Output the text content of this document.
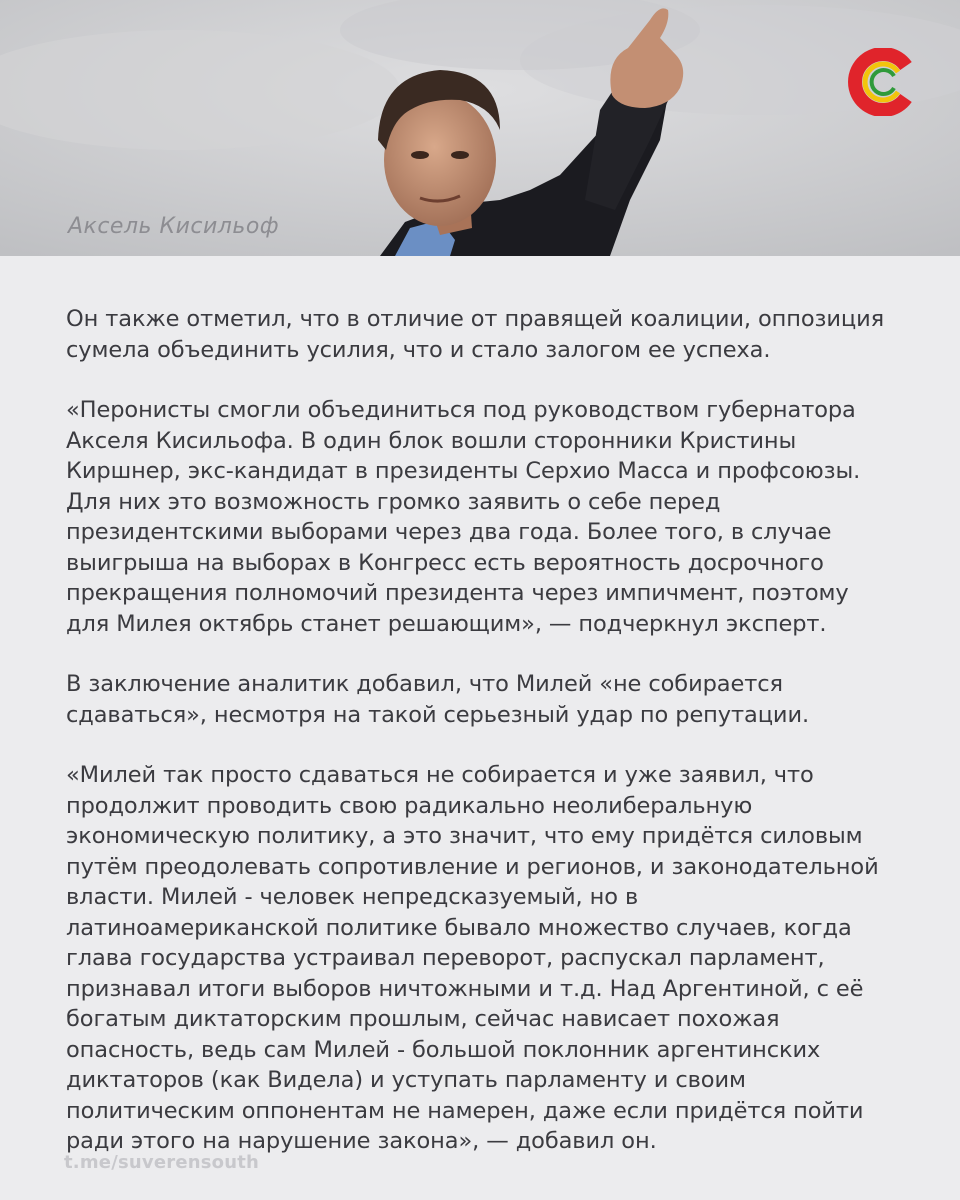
Аксель Кисильоф

Он также отметил, что в отличие от правящей коалиции, оппозиция
сумела объединить усилия, что и стало залогом ее успеха.

«Перонисты смогли объединиться под руководством губернатора
Акселя Кисильофа. В один блок вошли сторонники Кристины
Киршнер, экс-кандидат в президенты Серхио Масса и профсоюзы.
Для них это возможность громко заявить о себе перед
президентскими выборами через два года. Более того, в случае
выигрыша на выборах в Конгресс есть вероятность досрочного
прекращения полномочий президента через импичмент, поэтому
для Милея октябрь станет решающим», — подчеркнул эксперт.

В заключение аналитик добавил, что Милей «не собирается
сдаваться», несмотря на такой серьезный удар по репутации.

«Милей так просто сдаваться не собирается и уже заявил, что
продолжит проводить свою радикально неолиберальную
экономическую политику, а это значит, что ему придётся силовым
путём преодолевать сопротивление и регионов, и законодательной
власти. Милей - человек непредсказуемый, но в
латиноамериканской политике бывало множество случаев, когда
глава государства устраивал переворот, распускал парламент,
признавал итоги выборов ничтожными и т.д. Над Аргентиной, с её
богатым диктаторским прошлым, сейчас нависает похожая
опасность, ведь сам Милей - большой поклонник аргентинских
диктаторов (как Видела) и уступать парламенту и своим
политическим оппонентам не намерен, даже если придётся пойти
ради этого на нарушение закона», — добавил он.

t.me/suverensouth
